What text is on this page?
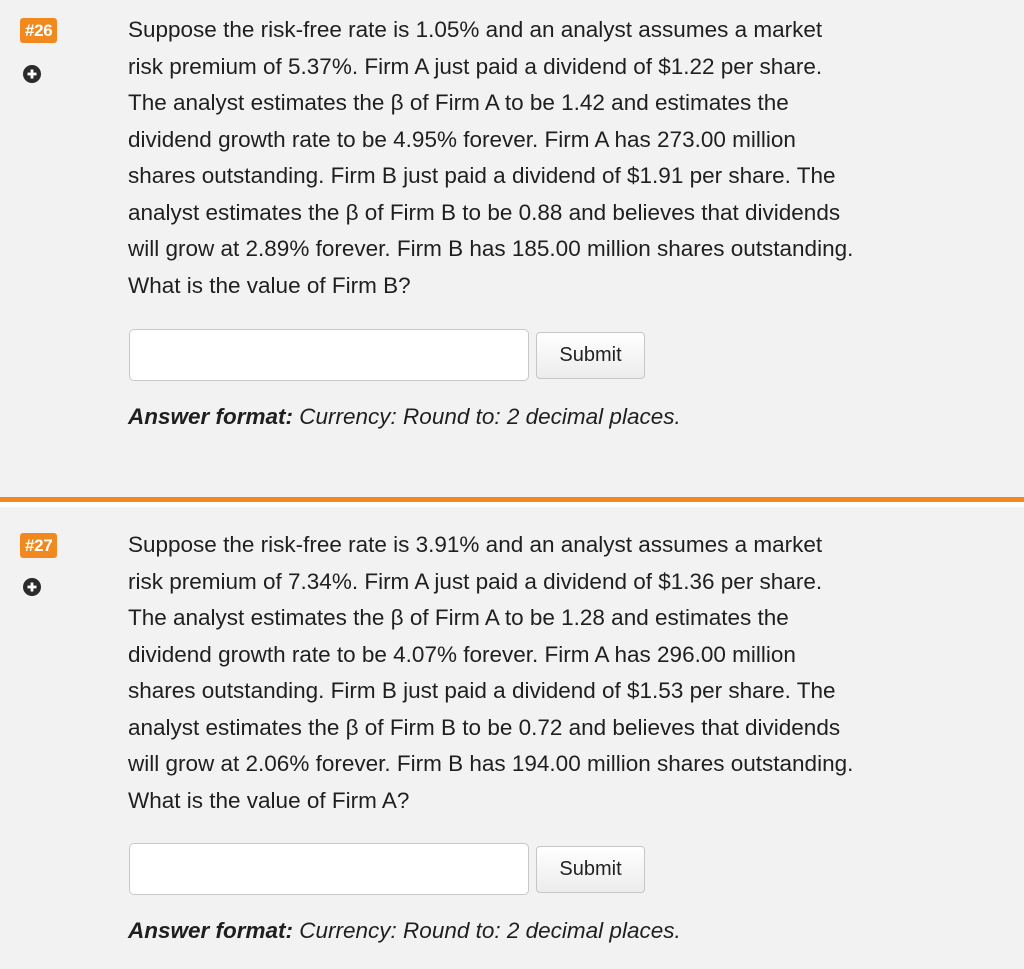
#26	Suppose the risk-free rate is 1.05% and an analyst assumes a market
risk premium of 5.37%. Firm A just paid a dividend of $1.22 per share.
The analyst estimates the β of Firm A to be 1.42 and estimates the
dividend growth rate to be 4.95% forever. Firm A has 273.00 million
shares outstanding. Firm B just paid a dividend of $1.91 per share. The
analyst estimates the β of Firm B to be 0.88 and believes that dividends
will grow at 2.89% forever. Firm B has 185.00 million shares outstanding.
What is the value of Firm B?
Submit
Answer format: Currency: Round to: 2 decimal places.
#27	Suppose the risk-free rate is 3.91% and an analyst assumes a market
risk premium of 7.34%. Firm A just paid a dividend of $1.36 per share.
The analyst estimates the β of Firm A to be 1.28 and estimates the
dividend growth rate to be 4.07% forever. Firm A has 296.00 million
shares outstanding. Firm B just paid a dividend of $1.53 per share. The
analyst estimates the β of Firm B to be 0.72 and believes that dividends
will grow at 2.06% forever. Firm B has 194.00 million shares outstanding.
What is the value of Firm A?
Submit
Answer format: Currency: Round to: 2 decimal places.
